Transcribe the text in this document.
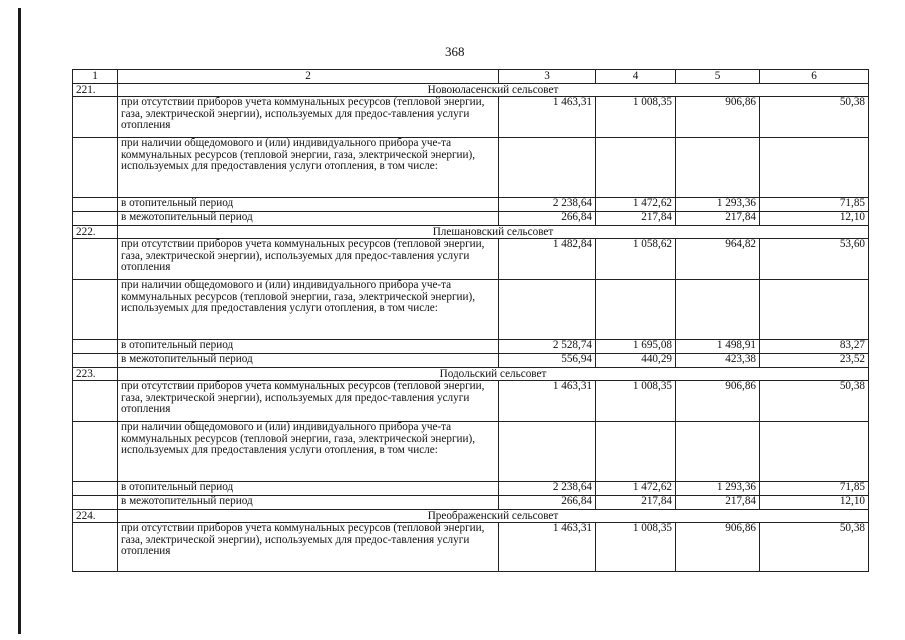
368
1	2	3	4	5	6
221.	Новоюласенский сельсовет				
	при отсутствии приборов учета коммунальных ресурсов (тепловой энергии, газа, электрической энергии), используемых для предос-тавления услуги отопления	1 463,31	1 008,35	906,86	50,38
	при наличии общедомового и (или) индивидуального прибора уче-та коммунальных ресурсов (тепловой энергии, газа, электрической энергии), используемых для предоставления услуги отопления, в том числе:				
	в отопительный период	2 238,64	1 472,62	1 293,36	71,85
	в межотопительный период	266,84	217,84	217,84	12,10
222.	Плешановский сельсовет				
	при отсутствии приборов учета коммунальных ресурсов (тепловой энергии, газа, электрической энергии), используемых для предос-тавления услуги отопления	1 482,84	1 058,62	964,82	53,60
	при наличии общедомового и (или) индивидуального прибора уче-та коммунальных ресурсов (тепловой энергии, газа, электрической энергии), используемых для предоставления услуги отопления, в том числе:				
	в отопительный период	2 528,74	1 695,08	1 498,91	83,27
	в межотопительный период	556,94	440,29	423,38	23,52
223.	Подольский сельсовет				
	при отсутствии приборов учета коммунальных ресурсов (тепловой энергии, газа, электрической энергии), используемых для предос-тавления услуги отопления	1 463,31	1 008,35	906,86	50,38
	при наличии общедомового и (или) индивидуального прибора уче-та коммунальных ресурсов (тепловой энергии, газа, электрической энергии), используемых для предоставления услуги отопления, в том числе:				
	в отопительный период	2 238,64	1 472,62	1 293,36	71,85
	в межотопительный период	266,84	217,84	217,84	12,10
224.	Преображенский сельсовет				
	при отсутствии приборов учета коммунальных ресурсов (тепловой энергии, газа, электрической энергии), используемых для предос-тавления услуги отопления	1 463,31	1 008,35	906,86	50,38
